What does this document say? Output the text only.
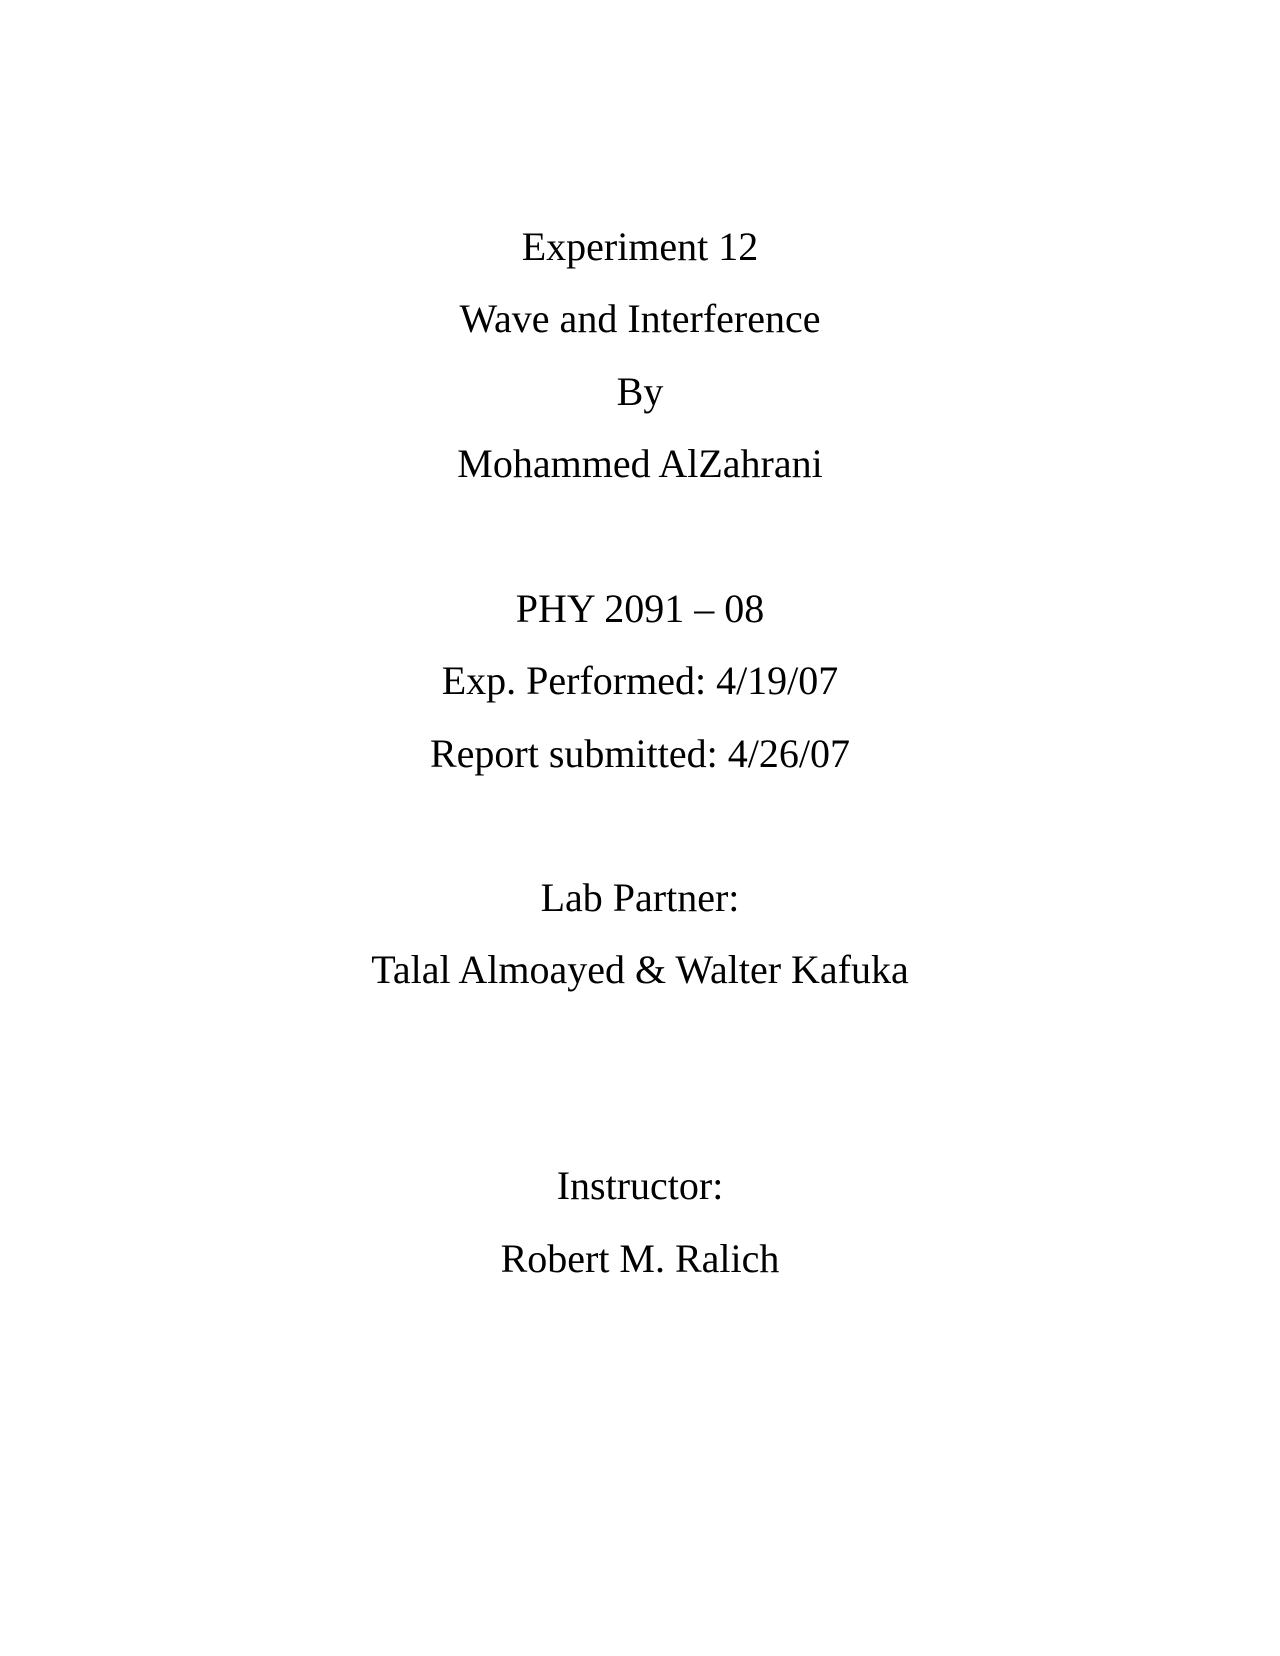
Experiment 12
Wave and Interference
By
Mohammed AlZahrani
PHY 2091 – 08
Exp. Performed: 4/19/07
Report submitted: 4/26/07
Lab Partner:
Talal Almoayed & Walter Kafuka
Instructor:
Robert M. Ralich
